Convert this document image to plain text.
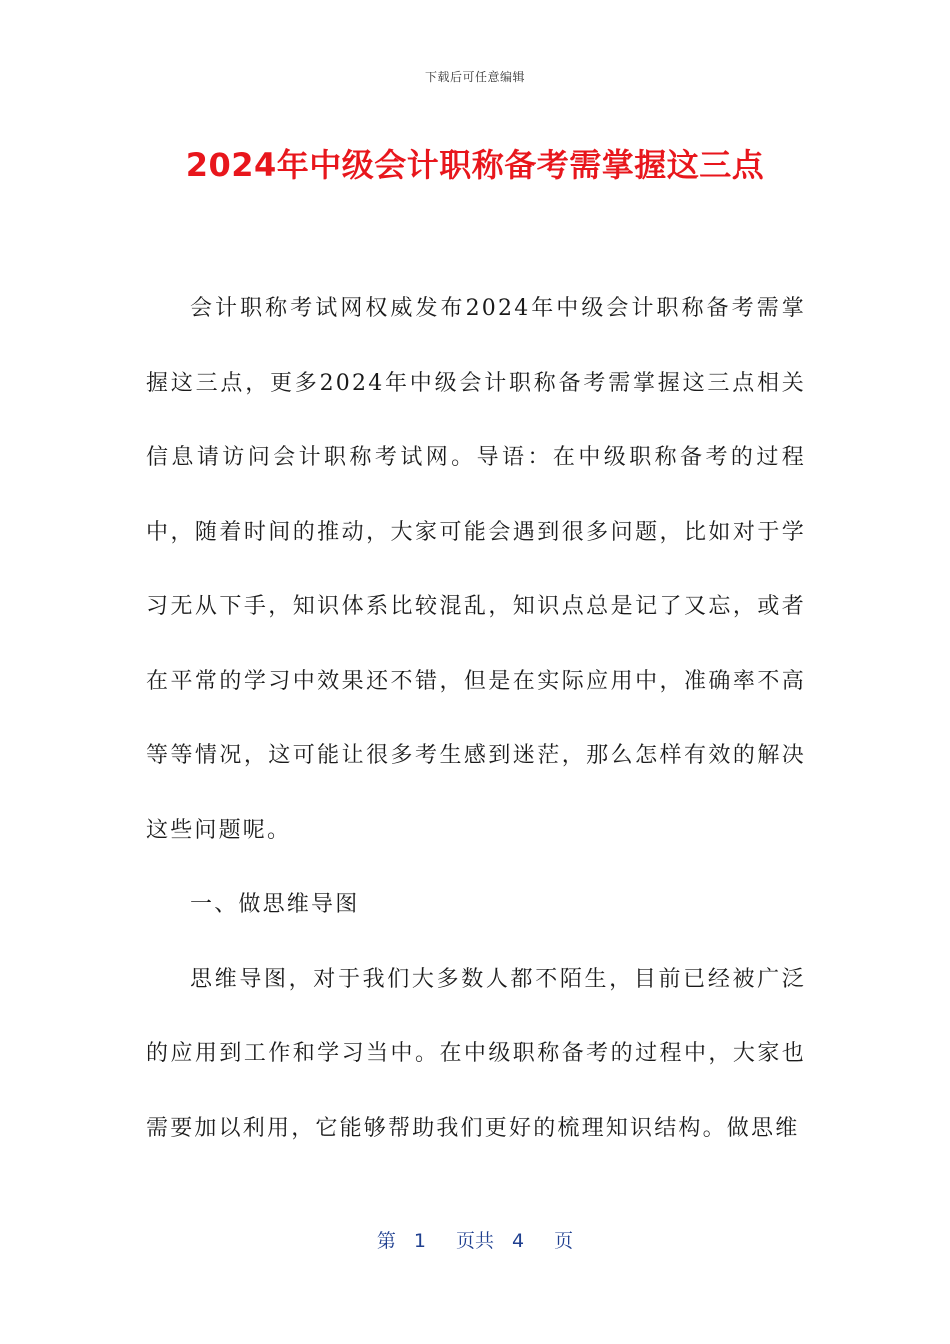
下载后可任意编辑
2024年中级会计职称备考需掌握这三点

会计职称考试网权威发布2024年中级会计职称备考需掌握这三点，更多2024年中级会计职称备考需掌握这三点相关信息请访问会计职称考试网。导语：在中级职称备考的过程中，随着时间的推动，大家可能会遇到很多问题，比如对于学习无从下手，知识体系比较混乱，知识点总是记了又忘，或者在平常的学习中效果还不错，但是在实际应用中，准确率不高等等情况，这可能让很多考生感到迷茫，那么怎样有效的解决这些问题呢。

一、做思维导图

思维导图，对于我们大多数人都不陌生，目前已经被广泛的应用到工作和学习当中。在中级职称备考的过程中，大家也需要加以利用，它能够帮助我们更好的梳理知识结构。做思维

第 1 页共 4 页
